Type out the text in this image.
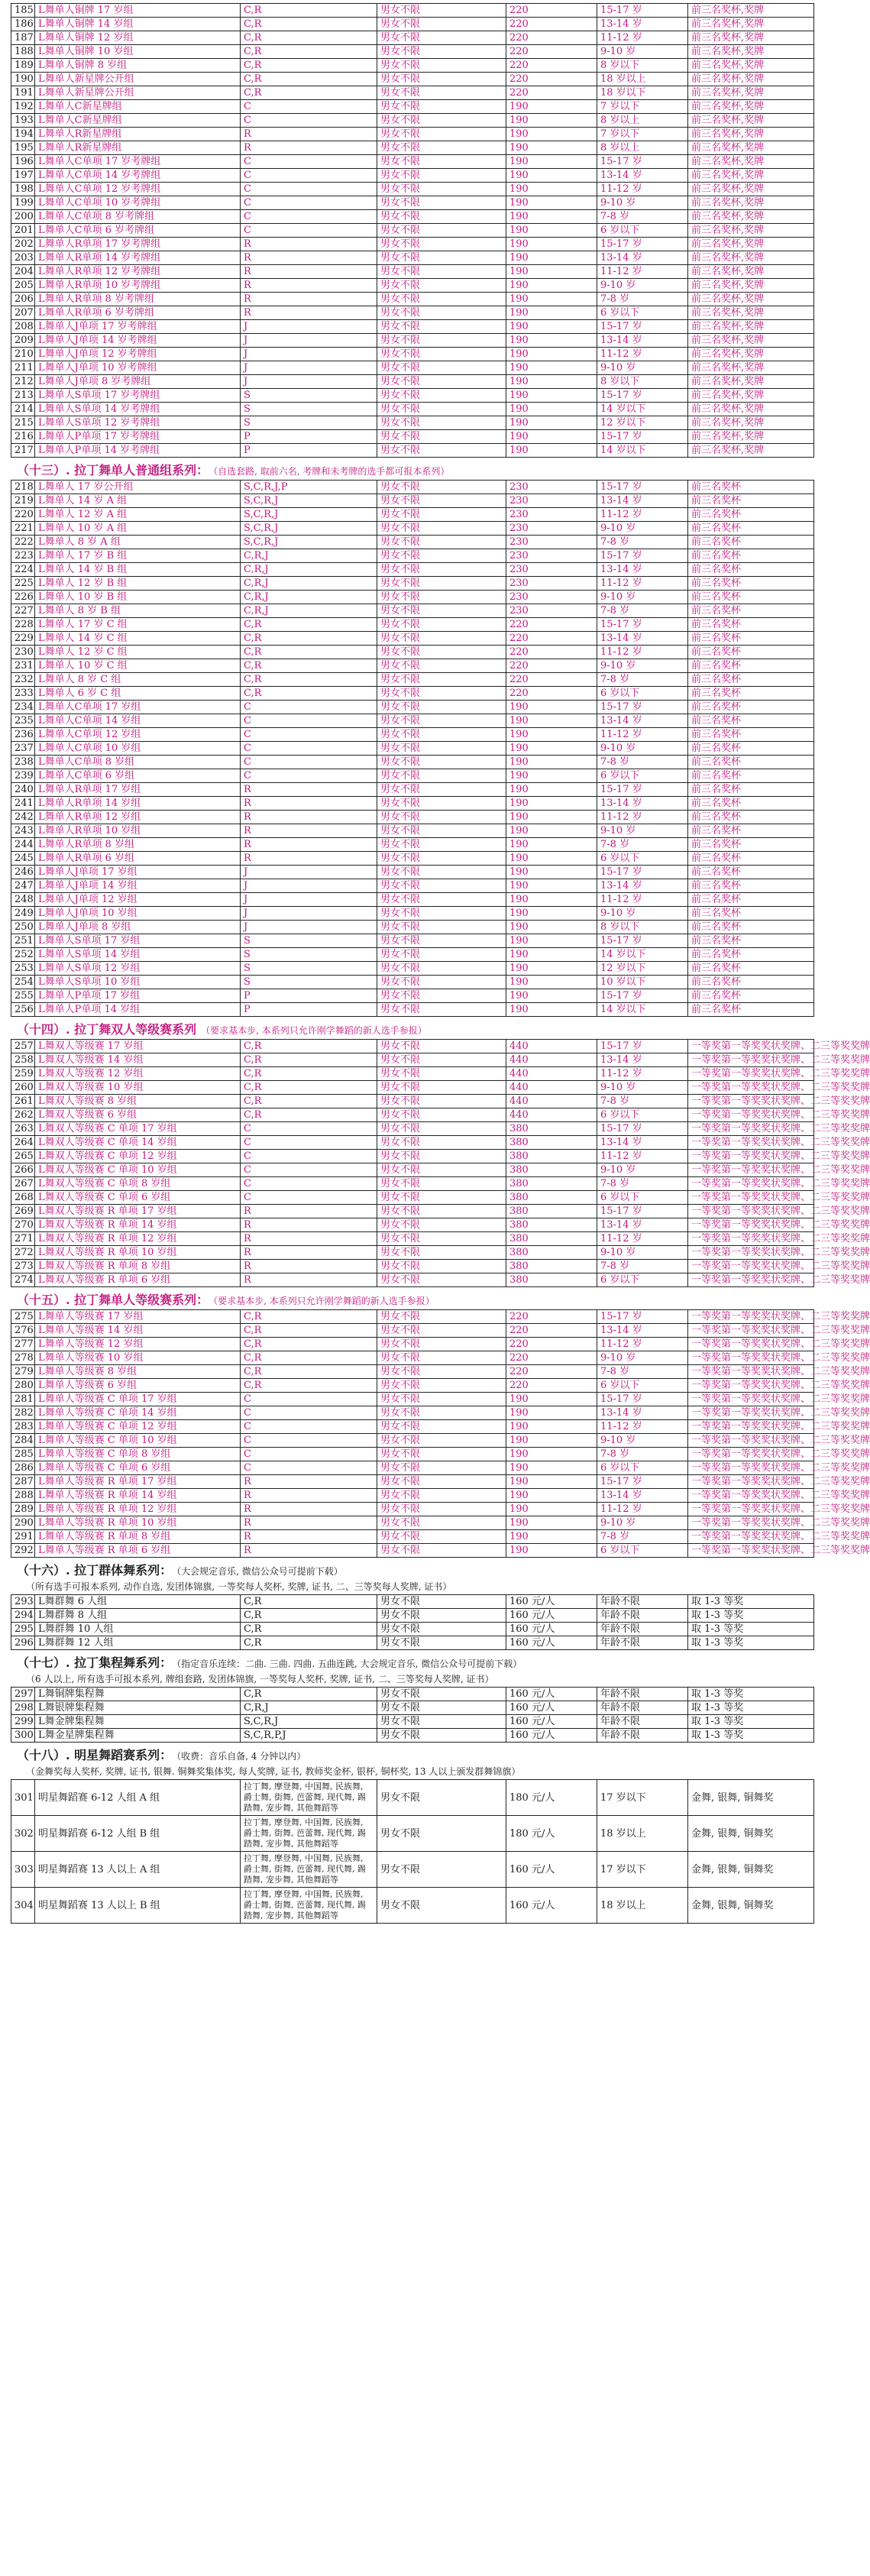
185	L舞单人铜牌 17 岁组	C,R	男女不限	220	15-17 岁	前三名奖杯,奖牌
186	L舞单人铜牌 14 岁组	C,R	男女不限	220	13-14 岁	前三名奖杯,奖牌
187	L舞单人铜牌 12 岁组	C,R	男女不限	220	11-12 岁	前三名奖杯,奖牌
188	L舞单人铜牌 10 岁组	C,R	男女不限	220	9-10 岁	前三名奖杯,奖牌
189	L舞单人铜牌 8 岁组	C,R	男女不限	220	8 岁以下	前三名奖杯,奖牌
190	L舞单人新星牌公开组	C,R	男女不限	220	18 岁以上	前三名奖杯,奖牌
191	L舞单人新星牌公开组	C,R	男女不限	220	18 岁以下	前三名奖杯,奖牌
192	L舞单人C新星牌组	C	男女不限	190	7 岁以下	前三名奖杯,奖牌
193	L舞单人C新星牌组	C	男女不限	190	8 岁以上	前三名奖杯,奖牌
194	L舞单人R新星牌组	R	男女不限	190	7 岁以下	前三名奖杯,奖牌
195	L舞单人R新星牌组	R	男女不限	190	8 岁以上	前三名奖杯,奖牌
196	L舞单人C单项 17 岁考牌组	C	男女不限	190	15-17 岁	前三名奖杯,奖牌
197	L舞单人C单项 14 岁考牌组	C	男女不限	190	13-14 岁	前三名奖杯,奖牌
198	L舞单人C单项 12 岁考牌组	C	男女不限	190	11-12 岁	前三名奖杯,奖牌
199	L舞单人C单项 10 岁考牌组	C	男女不限	190	9-10 岁	前三名奖杯,奖牌
200	L舞单人C单项 8 岁考牌组	C	男女不限	190	7-8 岁	前三名奖杯,奖牌
201	L舞单人C单项 6 岁考牌组	C	男女不限	190	6 岁以下	前三名奖杯,奖牌
202	L舞单人R单项 17 岁考牌组	R	男女不限	190	15-17 岁	前三名奖杯,奖牌
203	L舞单人R单项 14 岁考牌组	R	男女不限	190	13-14 岁	前三名奖杯,奖牌
204	L舞单人R单项 12 岁考牌组	R	男女不限	190	11-12 岁	前三名奖杯,奖牌
205	L舞单人R单项 10 岁考牌组	R	男女不限	190	9-10 岁	前三名奖杯,奖牌
206	L舞单人R单项 8 岁考牌组	R	男女不限	190	7-8 岁	前三名奖杯,奖牌
207	L舞单人R单项 6 岁考牌组	R	男女不限	190	6 岁以下	前三名奖杯,奖牌
208	L舞单人J单项 17 岁考牌组	J	男女不限	190	15-17 岁	前三名奖杯,奖牌
209	L舞单人J单项 14 岁考牌组	J	男女不限	190	13-14 岁	前三名奖杯,奖牌
210	L舞单人J单项 12 岁考牌组	J	男女不限	190	11-12 岁	前三名奖杯,奖牌
211	L舞单人J单项 10 岁考牌组	J	男女不限	190	9-10 岁	前三名奖杯,奖牌
212	L舞单人J单项 8 岁考牌组	J	男女不限	190	8 岁以下	前三名奖杯,奖牌
213	L舞单人S单项 17 岁考牌组	S	男女不限	190	15-17 岁	前三名奖杯,奖牌
214	L舞单人S单项 14 岁考牌组	S	男女不限	190	14 岁以下	前三名奖杯,奖牌
215	L舞单人S单项 12 岁考牌组	S	男女不限	190	12 岁以下	前三名奖杯,奖牌
216	L舞单人P单项 17 岁考牌组	P	男女不限	190	15-17 岁	前三名奖杯,奖牌
217	L舞单人P单项 14 岁考牌组	P	男女不限	190	14 岁以下	前三名奖杯,奖牌
（十三）. 拉丁舞单人普通组系列： （自选套路, 取前六名, 考牌和未考牌的选手都可报本系列）
218	L舞单人 17 岁公开组	S,C,R,J,P	男女不限	230	15-17 岁	前三名奖杯
219	L舞单人 14 岁 A 组	S,C,R,J	男女不限	230	13-14 岁	前三名奖杯
220	L舞单人 12 岁 A 组	S,C,R,J	男女不限	230	11-12 岁	前三名奖杯
221	L舞单人 10 岁 A 组	S,C,R,J	男女不限	230	9-10 岁	前三名奖杯
222	L舞单人 8 岁 A 组	S,C,R,J	男女不限	230	7-8 岁	前三名奖杯
223	L舞单人 17 岁 B 组	C,R,J	男女不限	230	15-17 岁	前三名奖杯
224	L舞单人 14 岁 B 组	C,R,J	男女不限	230	13-14 岁	前三名奖杯
225	L舞单人 12 岁 B 组	C,R,J	男女不限	230	11-12 岁	前三名奖杯
226	L舞单人 10 岁 B 组	C,R,J	男女不限	230	9-10 岁	前三名奖杯
227	L舞单人 8 岁 B 组	C,R,J	男女不限	230	7-8 岁	前三名奖杯
228	L舞单人 17 岁 C 组	C,R	男女不限	220	15-17 岁	前三名奖杯
229	L舞单人 14 岁 C 组	C,R	男女不限	220	13-14 岁	前三名奖杯
230	L舞单人 12 岁 C 组	C,R	男女不限	220	11-12 岁	前三名奖杯
231	L舞单人 10 岁 C 组	C,R	男女不限	220	9-10 岁	前三名奖杯
232	L舞单人 8 岁 C 组	C,R	男女不限	220	7-8 岁	前三名奖杯
233	L舞单人 6 岁 C 组	C,R	男女不限	220	6 岁以下	前三名奖杯
234	L舞单人C单项 17 岁组	C	男女不限	190	15-17 岁	前三名奖杯
235	L舞单人C单项 14 岁组	C	男女不限	190	13-14 岁	前三名奖杯
236	L舞单人C单项 12 岁组	C	男女不限	190	11-12 岁	前三名奖杯
237	L舞单人C单项 10 岁组	C	男女不限	190	9-10 岁	前三名奖杯
238	L舞单人C单项 8 岁组	C	男女不限	190	7-8 岁	前三名奖杯
239	L舞单人C单项 6 岁组	C	男女不限	190	6 岁以下	前三名奖杯
240	L舞单人R单项 17 岁组	R	男女不限	190	15-17 岁	前三名奖杯
241	L舞单人R单项 14 岁组	R	男女不限	190	13-14 岁	前三名奖杯
242	L舞单人R单项 12 岁组	R	男女不限	190	11-12 岁	前三名奖杯
243	L舞单人R单项 10 岁组	R	男女不限	190	9-10 岁	前三名奖杯
244	L舞单人R单项 8 岁组	R	男女不限	190	7-8 岁	前三名奖杯
245	L舞单人R单项 6 岁组	R	男女不限	190	6 岁以下	前三名奖杯
246	L舞单人J单项 17 岁组	J	男女不限	190	15-17 岁	前三名奖杯
247	L舞单人J单项 14 岁组	J	男女不限	190	13-14 岁	前三名奖杯
248	L舞单人J单项 12 岁组	J	男女不限	190	11-12 岁	前三名奖杯
249	L舞单人J单项 10 岁组	J	男女不限	190	9-10 岁	前三名奖杯
250	L舞单人J单项 8 岁组	J	男女不限	190	8 岁以下	前三名奖杯
251	L舞单人S单项 17 岁组	S	男女不限	190	15-17 岁	前三名奖杯
252	L舞单人S单项 14 岁组	S	男女不限	190	14 岁以下	前三名奖杯
253	L舞单人S单项 12 岁组	S	男女不限	190	12 岁以下	前三名奖杯
254	L舞单人S单项 10 岁组	S	男女不限	190	10 岁以下	前三名奖杯
255	L舞单人P单项 17 岁组	P	男女不限	190	15-17 岁	前三名奖杯
256	L舞单人P单项 14 岁组	P	男女不限	190	14 岁以下	前三名奖杯
（十四）. 拉丁舞双人等级赛系列 （要求基本步, 本系列只允许刚学舞蹈的新人选手参报）
257	L舞双人等级赛 17 岁组	C,R	男女不限	440	15-17 岁	一等奖第一等奖奖状奖牌、二三等奖奖牌
258	L舞双人等级赛 14 岁组	C,R	男女不限	440	13-14 岁	一等奖第一等奖奖状奖牌、二三等奖奖牌
259	L舞双人等级赛 12 岁组	C,R	男女不限	440	11-12 岁	一等奖第一等奖奖状奖牌、二三等奖奖牌
260	L舞双人等级赛 10 岁组	C,R	男女不限	440	9-10 岁	一等奖第一等奖奖状奖牌、二三等奖奖牌
261	L舞双人等级赛 8 岁组	C,R	男女不限	440	7-8 岁	一等奖第一等奖奖状奖牌、二三等奖奖牌
262	L舞双人等级赛 6 岁组	C,R	男女不限	440	6 岁以下	一等奖第一等奖奖状奖牌、二三等奖奖牌
263	L舞双人等级赛 C 单项 17 岁组	C	男女不限	380	15-17 岁	一等奖第一等奖奖状奖牌、二三等奖奖牌
264	L舞双人等级赛 C 单项 14 岁组	C	男女不限	380	13-14 岁	一等奖第一等奖奖状奖牌、二三等奖奖牌
265	L舞双人等级赛 C 单项 12 岁组	C	男女不限	380	11-12 岁	一等奖第一等奖奖状奖牌、二三等奖奖牌
266	L舞双人等级赛 C 单项 10 岁组	C	男女不限	380	9-10 岁	一等奖第一等奖奖状奖牌、二三等奖奖牌
267	L舞双人等级赛 C 单项 8 岁组	C	男女不限	380	7-8 岁	一等奖第一等奖奖状奖牌、二三等奖奖牌
268	L舞双人等级赛 C 单项 6 岁组	C	男女不限	380	6 岁以下	一等奖第一等奖奖状奖牌、二三等奖奖牌
269	L舞双人等级赛 R 单项 17 岁组	R	男女不限	380	15-17 岁	一等奖第一等奖奖状奖牌、二三等奖奖牌
270	L舞双人等级赛 R 单项 14 岁组	R	男女不限	380	13-14 岁	一等奖第一等奖奖状奖牌、二三等奖奖牌
271	L舞双人等级赛 R 单项 12 岁组	R	男女不限	380	11-12 岁	一等奖第一等奖奖状奖牌、二三等奖奖牌
272	L舞双人等级赛 R 单项 10 岁组	R	男女不限	380	9-10 岁	一等奖第一等奖奖状奖牌、二三等奖奖牌
273	L舞双人等级赛 R 单项 8 岁组	R	男女不限	380	7-8 岁	一等奖第一等奖奖状奖牌、二三等奖奖牌
274	L舞双人等级赛 R 单项 6 岁组	R	男女不限	380	6 岁以下	一等奖第一等奖奖状奖牌、二三等奖奖牌
（十五）. 拉丁舞单人等级赛系列： （要求基本步, 本系列只允许刚学舞蹈的新人选手参报）
275	L舞单人等级赛 17 岁组	C,R	男女不限	220	15-17 岁	一等奖第一等奖奖状奖牌、二三等奖奖牌
276	L舞单人等级赛 14 岁组	C,R	男女不限	220	13-14 岁	一等奖第一等奖奖状奖牌、二三等奖奖牌
277	L舞单人等级赛 12 岁组	C,R	男女不限	220	11-12 岁	一等奖第一等奖奖状奖牌、二三等奖奖牌
278	L舞单人等级赛 10 岁组	C,R	男女不限	220	9-10 岁	一等奖第一等奖奖状奖牌、二三等奖奖牌
279	L舞单人等级赛 8 岁组	C,R	男女不限	220	7-8 岁	一等奖第一等奖奖状奖牌、二三等奖奖牌
280	L舞单人等级赛 6 岁组	C,R	男女不限	220	6 岁以下	一等奖第一等奖奖状奖牌、二三等奖奖牌
281	L舞单人等级赛 C 单项 17 岁组	C	男女不限	190	15-17 岁	一等奖第一等奖奖状奖牌、二三等奖奖牌
282	L舞单人等级赛 C 单项 14 岁组	C	男女不限	190	13-14 岁	一等奖第一等奖奖状奖牌、二三等奖奖牌
283	L舞单人等级赛 C 单项 12 岁组	C	男女不限	190	11-12 岁	一等奖第一等奖奖状奖牌、二三等奖奖牌
284	L舞单人等级赛 C 单项 10 岁组	C	男女不限	190	9-10 岁	一等奖第一等奖奖状奖牌、二三等奖奖牌
285	L舞单人等级赛 C 单项 8 岁组	C	男女不限	190	7-8 岁	一等奖第一等奖奖状奖牌、二三等奖奖牌
286	L舞单人等级赛 C 单项 6 岁组	C	男女不限	190	6 岁以下	一等奖第一等奖奖状奖牌、二三等奖奖牌
287	L舞单人等级赛 R 单项 17 岁组	R	男女不限	190	15-17 岁	一等奖第一等奖奖状奖牌、二三等奖奖牌
288	L舞单人等级赛 R 单项 14 岁组	R	男女不限	190	13-14 岁	一等奖第一等奖奖状奖牌、二三等奖奖牌
289	L舞单人等级赛 R 单项 12 岁组	R	男女不限	190	11-12 岁	一等奖第一等奖奖状奖牌、二三等奖奖牌
290	L舞单人等级赛 R 单项 10 岁组	R	男女不限	190	9-10 岁	一等奖第一等奖奖状奖牌、二三等奖奖牌
291	L舞单人等级赛 R 单项 8 岁组	R	男女不限	190	7-8 岁	一等奖第一等奖奖状奖牌、二三等奖奖牌
292	L舞单人等级赛 R 单项 6 岁组	R	男女不限	190	6 岁以下	一等奖第一等奖奖状奖牌、二三等奖奖牌
（十六）. 拉丁群体舞系列： （大会规定音乐, 微信公众号可提前下载）
（所有选手可报本系列, 动作自选, 发团体锦旗, 一等奖每人奖杯, 奖牌, 证书, 二、三等奖每人奖牌, 证书）
293	L舞群舞 6 人组	C,R	男女不限	160 元/人	年龄不限	取 1-3 等奖
294	L舞群舞 8 人组	C,R	男女不限	160 元/人	年龄不限	取 1-3 等奖
295	L舞群舞 10 人组	C,R	男女不限	160 元/人	年龄不限	取 1-3 等奖
296	L舞群舞 12 人组	C,R	男女不限	160 元/人	年龄不限	取 1-3 等奖
（十七）. 拉丁集程舞系列： （指定音乐连续：二曲. 三曲. 四曲. 五曲连跳, 大会规定音乐, 微信公众号可提前下载）
（6 人以上, 所有选手可报本系列, 牌组套路, 发团体锦旗, 一等奖每人奖杯, 奖牌, 证书, 二、三等奖每人奖牌, 证书）
297	L舞铜牌集程舞	C,R	男女不限	160 元/人	年龄不限	取 1-3 等奖
298	L舞银牌集程舞	C,R,J	男女不限	160 元/人	年龄不限	取 1-3 等奖
299	L舞金牌集程舞	S,C,R,J	男女不限	160 元/人	年龄不限	取 1-3 等奖
300	L舞金星牌集程舞	S,C,R,P,J	男女不限	160 元/人	年龄不限	取 1-3 等奖
（十八）. 明星舞蹈赛系列： （收费：音乐自备, 4 分钟以内）
（金舞奖每人奖杯, 奖牌, 证书, 银舞. 铜舞奖集体奖, 每人奖牌, 证书, 教师奖金杯, 银杯, 铜杯奖, 13 人以上颁发群舞锦旗）
301	明星舞蹈赛 6-12 人组 A 组	拉丁舞, 摩登舞, 中国舞, 民族舞, 爵士舞, 街舞, 芭蕾舞, 现代舞, 踢踏舞, 宠步舞, 其他舞蹈等	男女不限	180 元/人	17 岁以下	金舞, 银舞, 铜舞奖
302	明星舞蹈赛 6-12 人组 B 组	拉丁舞, 摩登舞, 中国舞, 民族舞, 爵士舞, 街舞, 芭蕾舞, 现代舞, 踢踏舞, 宠步舞, 其他舞蹈等	男女不限	180 元/人	18 岁以上	金舞, 银舞, 铜舞奖
303	明星舞蹈赛 13 人以上 A 组	拉丁舞, 摩登舞, 中国舞, 民族舞, 爵士舞, 街舞, 芭蕾舞, 现代舞, 踢踏舞, 宠步舞, 其他舞蹈等	男女不限	160 元/人	17 岁以下	金舞, 银舞, 铜舞奖
304	明星舞蹈赛 13 人以上 B 组	拉丁舞, 摩登舞, 中国舞, 民族舞, 爵士舞, 街舞, 芭蕾舞, 现代舞, 踢踏舞, 宠步舞, 其他舞蹈等	男女不限	160 元/人	18 岁以上	金舞, 银舞, 铜舞奖
